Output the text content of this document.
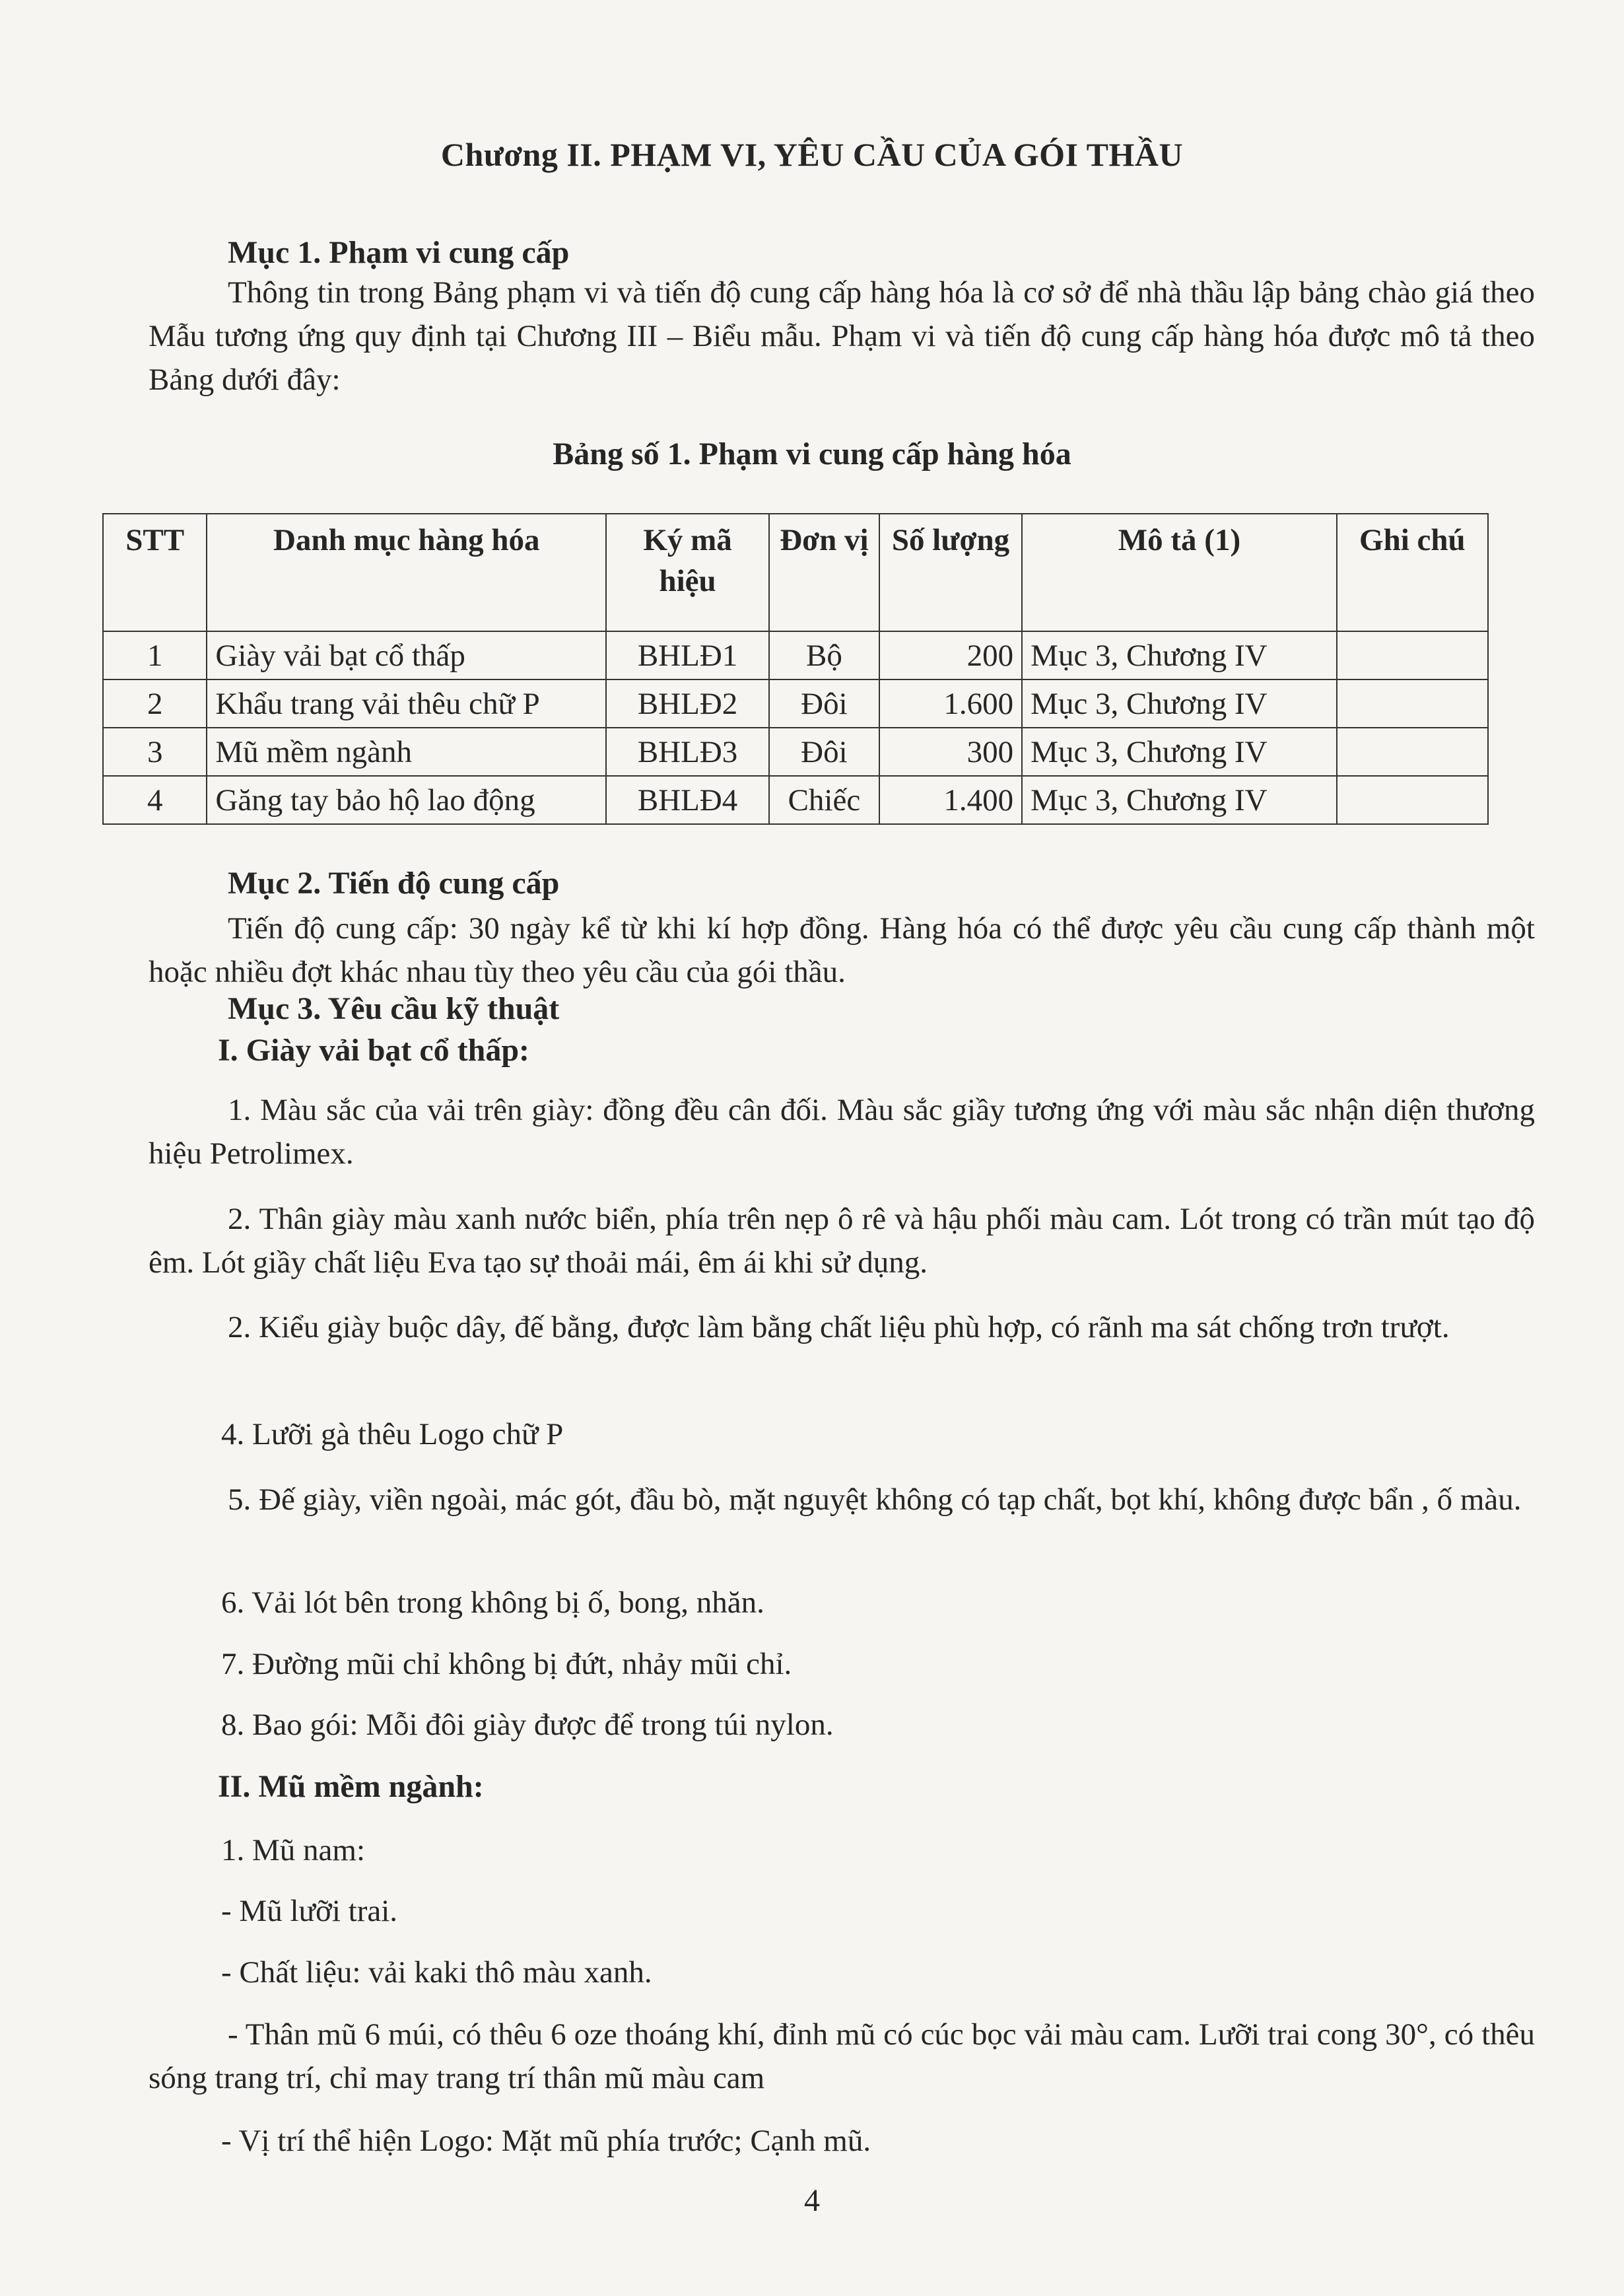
Chương II. PHẠM VI, YÊU CẦU CỦA GÓI THẦU
Mục 1. Phạm vi cung cấp
Thông tin trong Bảng phạm vi và tiến độ cung cấp hàng hóa là cơ sở để nhà thầu lập bảng chào giá theo Mẫu tương ứng quy định tại Chương III – Biểu mẫu. Phạm vi và tiến độ cung cấp hàng hóa được mô tả theo Bảng dưới đây:
Bảng số 1. Phạm vi cung cấp hàng hóa
STT	Danh mục hàng hóa	Ký mã hiệu	Đơn vị	Số lượng	Mô tả (1)	Ghi chú
1	Giày vải bạt cổ thấp	BHLĐ1	Bộ	200	Mục 3, Chương IV	
2	Khẩu trang vải thêu chữ P	BHLĐ2	Đôi	1.600	Mục 3, Chương IV	
3	Mũ mềm ngành	BHLĐ3	Đôi	300	Mục 3, Chương IV	
4	Găng tay bảo hộ lao động	BHLĐ4	Chiếc	1.400	Mục 3, Chương IV	
Mục 2. Tiến độ cung cấp
Tiến độ cung cấp: 30 ngày kể từ khi kí hợp đồng. Hàng hóa có thể được yêu cầu cung cấp thành một hoặc nhiều đợt khác nhau tùy theo yêu cầu của gói thầu.
Mục 3. Yêu cầu kỹ thuật
I. Giày vải bạt cổ thấp:
1. Màu sắc của vải trên giày: đồng đều cân đối. Màu sắc giầy tương ứng với màu sắc nhận diện thương hiệu Petrolimex.
2. Thân giày màu xanh nước biển, phía trên nẹp ô rê và hậu phối màu cam. Lót trong có trần mút tạo độ êm. Lót giầy chất liệu Eva tạo sự thoải mái, êm ái khi sử dụng.
2. Kiểu giày buộc dây, đế bằng, được làm bằng chất liệu phù hợp, có rãnh ma sát chống trơn trượt.
4. Lưỡi gà thêu Logo chữ P
5. Đế giày, viền ngoài, mác gót, đầu bò, mặt nguyệt không có tạp chất, bọt khí, không được bẩn , ố màu.
6. Vải lót bên trong không bị ố, bong, nhăn.
7. Đường mũi chỉ không bị đứt, nhảy mũi chỉ.
8. Bao gói: Mỗi đôi giày được để trong túi nylon.
II. Mũ mềm ngành:
1. Mũ nam:
- Mũ lưỡi trai.
- Chất liệu: vải kaki thô màu xanh.
- Thân mũ 6 múi, có thêu 6 oze thoáng khí, đỉnh mũ có cúc bọc vải màu cam. Lưỡi trai cong 30°, có thêu sóng trang trí, chỉ may trang trí thân mũ màu cam
- Vị trí thể hiện Logo: Mặt mũ phía trước; Cạnh mũ.
4
